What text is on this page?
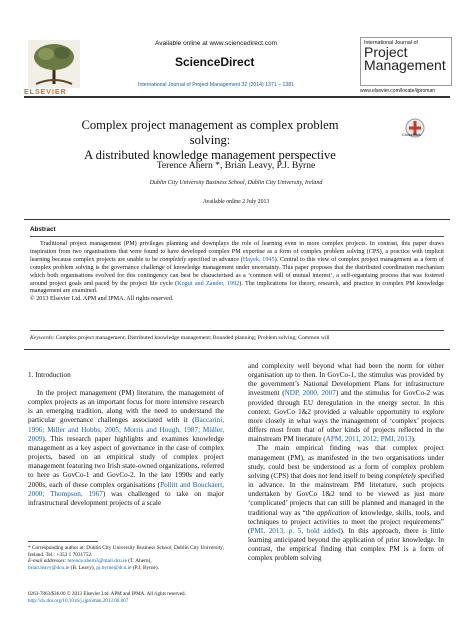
ELSEVIER
Available online at www.sciencedirect.com
ScienceDirect
International Journal of Project Management 32 (2014) 1371 – 1381
International Journal of
Project
Management
www.elsevier.com/locate/ijproman
Complex project management as complex problem solving:
A distributed knowledge management perspective
CrossMark
Terence Ahern *, Brian Leavy, P.J. Byrne
Dublin City University Business School, Dublin City University, Ireland
Available online 2 July 2013
Abstract

Traditional project management (PM) privileges planning and downplays the role of learning even in more complex projects. In contrast, this paper draws inspiration from two organisations that were found to have developed complex PM expertise as a form of complex problem solving (CPS), a practice with implicit learning because complex projects are unable to be completely specified in advance (Hayek, 1945). Central to this view of complex project management as a form of complex problem solving is the governance challenge of knowledge management under uncertainty. This paper proposes that the distributed coordination mechanism which both organisations evolved for this contingency can best be characterised as a ‘common will of mutual interest’, a self-organising process that was fostered around project goals and paced by the project life cycle (Kogut and Zander, 1992). The implications for theory, research, and practice in complex PM knowledge management are examined.

© 2013 Elsevier Ltd. APM and IPMA. All rights reserved.

Keywords: Complex project management; Distributed knowledge management; Bounded planning; Problem solving; Common will
1. Introduction

In the project management (PM) literature, the management of complex projects as an important focus for more intensive research is an emerging tradition, along with the need to understand the particular governance challenges associated with it (Baccarini, 1996; Miller and Hobbs, 2005; Morris and Hough, 1987; Müller, 2009). This research paper highlights and examines knowledge management as a key aspect of governance in the case of complex projects, based on an empirical study of complex project management featuring two Irish state-owned organizations, referred to here as GovCo-1 and GovCo-2. In the late 1990s and early 2000s, each of these complex organisations (Pollitt and Bouckaert, 2000; Thompson, 1967) was challenged to take on major infrastructural development projects of a scale

and complexity well beyond what had been the norm for either organisation up to then. In GovCo-1, the stimulus was provided by the government’s National Development Plans for infrastructure investment (NDP, 2000, 2007) and the stimulus for GovCo-2 was provided through EU deregulation in the energy sector. In this context, GovCo 1&2 provided a valuable opportunity to explore more closely in what ways the management of ‘complex’ projects differs most from that of other kinds of projects reflected in the mainstream PM literature (APM, 2011, 2012; PMI, 2013).

The main empirical finding was that complex project management (PM), as manifested in the two organisations under study, could best be understood as a form of complex problem solving (CPS) that does not lend itself to being completely specified in advance. In the mainstream PM literature, such projects undertaken by GovCo 1&2 tend to be viewed as just more ‘complicated’ projects that can still be planned and managed in the traditional way as “the application of knowledge, skills, tools, and techniques to project activities to meet the project requirements” (PMI, 2013, p. 5, bold added). In this approach, there is little learning anticipated beyond the application of prior knowledge. In contrast, the empirical finding that complex PM is a form of complex problem solving

* Corresponding author at: Dublin City University Business School, Dublin City University, Ireland. Tel.: +353 1 7031752.
E-mail addresses: terence.ahern3@mail.dcu.ie (T. Ahern),
brian.leavy@dcu.ie (B. Leavy), pj.byrne@dcu.ie (P.J. Byrne).
0263-7863/$36.00 © 2013 Elsevier Ltd. APM and IPMA. All rights reserved.
http://dx.doi.org/10.1016/j.ijproman.2013.06.007
